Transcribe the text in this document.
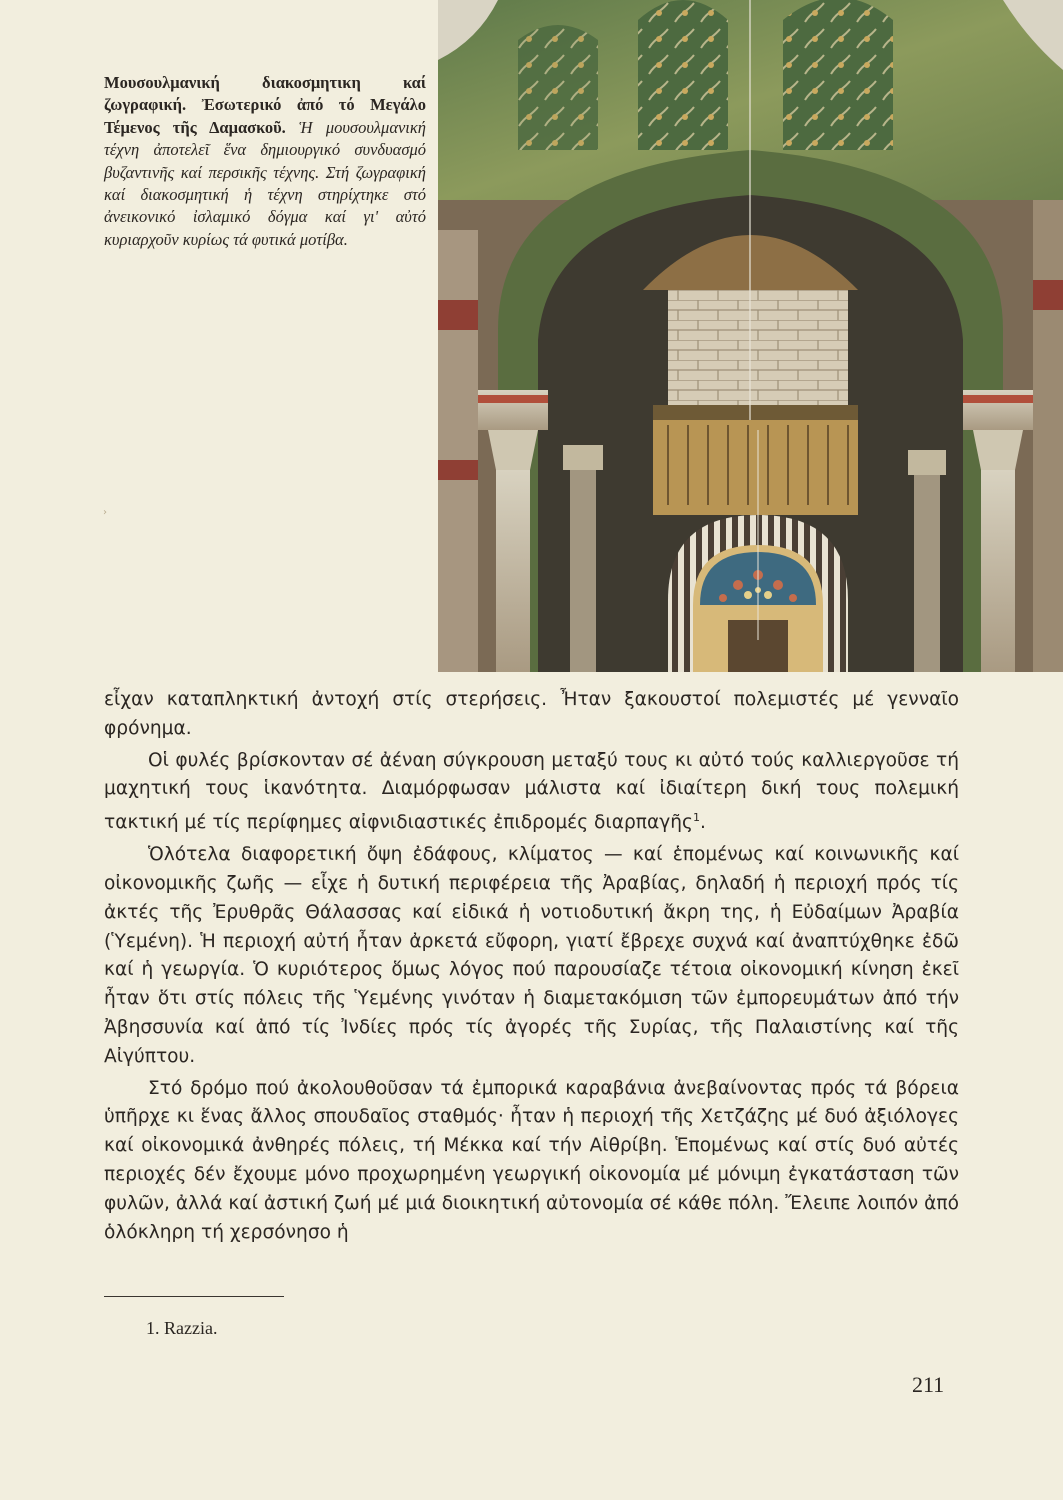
Μουσουλμανική διακοσμητικη καί ζωγραφική. Ἐσωτερικό ἀπό τό Μεγάλο Τέμενος τῆς Δαμασκοῦ. Ἡ μουσουλμανική τέχνη ἀποτελεῖ ἕνα δημιουργικό συνδυασμό βυζαντινῆς καί περσικῆς τέχνης. Στή ζωγραφική καί διακοσμητική ἡ τέχνη στηρίχτηκε στό ἀνεικονικό ἰσλαμικό δόγμα καί γι' αὐτό κυριαρχοῦν κυρίως τά φυτικά μοτίβα.
›

εἶχαν καταπληκτική ἀντοχή στίς στερήσεις. Ἦταν ξακουστοί πολεμιστές μέ γενναῖο φρόνημα.

Οἱ φυλές βρίσκονταν σέ ἀέναη σύγκρουση μεταξύ τους κι αὐτό τούς καλλιεργοῦσε τή μαχητική τους ἱκανότητα. Διαμόρφωσαν μάλιστα καί ἰδιαίτερη δική τους πολεμική τακτική μέ τίς περίφημες αἰφνιδιαστικές ἐπιδρομές διαρπαγῆς$^1$.

Ὁλότελα διαφορετική ὄψη ἐδάφους, κλίματος — καί ἑπομένως καί κοινωνικῆς καί οἰκονομικῆς ζωῆς — εἶχε ἡ δυτική περιφέρεια τῆς Ἀραβίας, δηλαδή ἡ περιοχή πρός τίς ἀκτές τῆς Ἐρυθρᾶς Θάλασσας καί εἰδικά ἡ νοτιοδυτική ἄκρη της, ἡ Εὐδαίμων Ἀραβία (Ὑεμένη). Ἡ περιοχή αὐτή ἦταν ἀρκετά εὔφορη, γιατί ἔβρεχε συχνά καί ἀναπτύχθηκε ἐδῶ καί ἡ γεωργία. Ὁ κυριότερος ὅμως λόγος πού παρουσίαζε τέτοια οἰκονομική κίνηση ἐκεῖ ἦταν ὅτι στίς πόλεις τῆς Ὑεμένης γινόταν ἡ διαμετακόμιση τῶν ἐμπορευμάτων ἀπό τήν Ἀβησσυνία καί ἀπό τίς Ἰνδίες πρός τίς ἀγορές τῆς Συρίας, τῆς Παλαιστίνης καί τῆς Αἰγύπτου.

Στό δρόμο πού ἀκολουθοῦσαν τά ἐμπορικά καραβάνια ἀνεβαίνοντας πρός τά βόρεια ὑπῆρχε κι ἕνας ἄλλος σπουδαῖος σταθμός· ἦταν ἡ περιοχή τῆς Χετζάζης μέ δυό ἀξιόλογες καί οἰκονομικά ἀνθηρές πόλεις, τή Μέκκα καί τήν Αἰθρίβη. Ἑπομένως καί στίς δυό αὐτές περιοχές δέν ἔχουμε μόνο προχωρημένη γεωργική οἰκονομία μέ μόνιμη ἐγκατάσταση τῶν φυλῶν, ἀλλά καί ἀστική ζωή μέ μιά διοικητική αὐτονομία σέ κάθε πόλη. Ἔλειπε λοιπόν ἀπό ὁλόκληρη τή χερσόνησο ἡ

1. Razzia.
211
